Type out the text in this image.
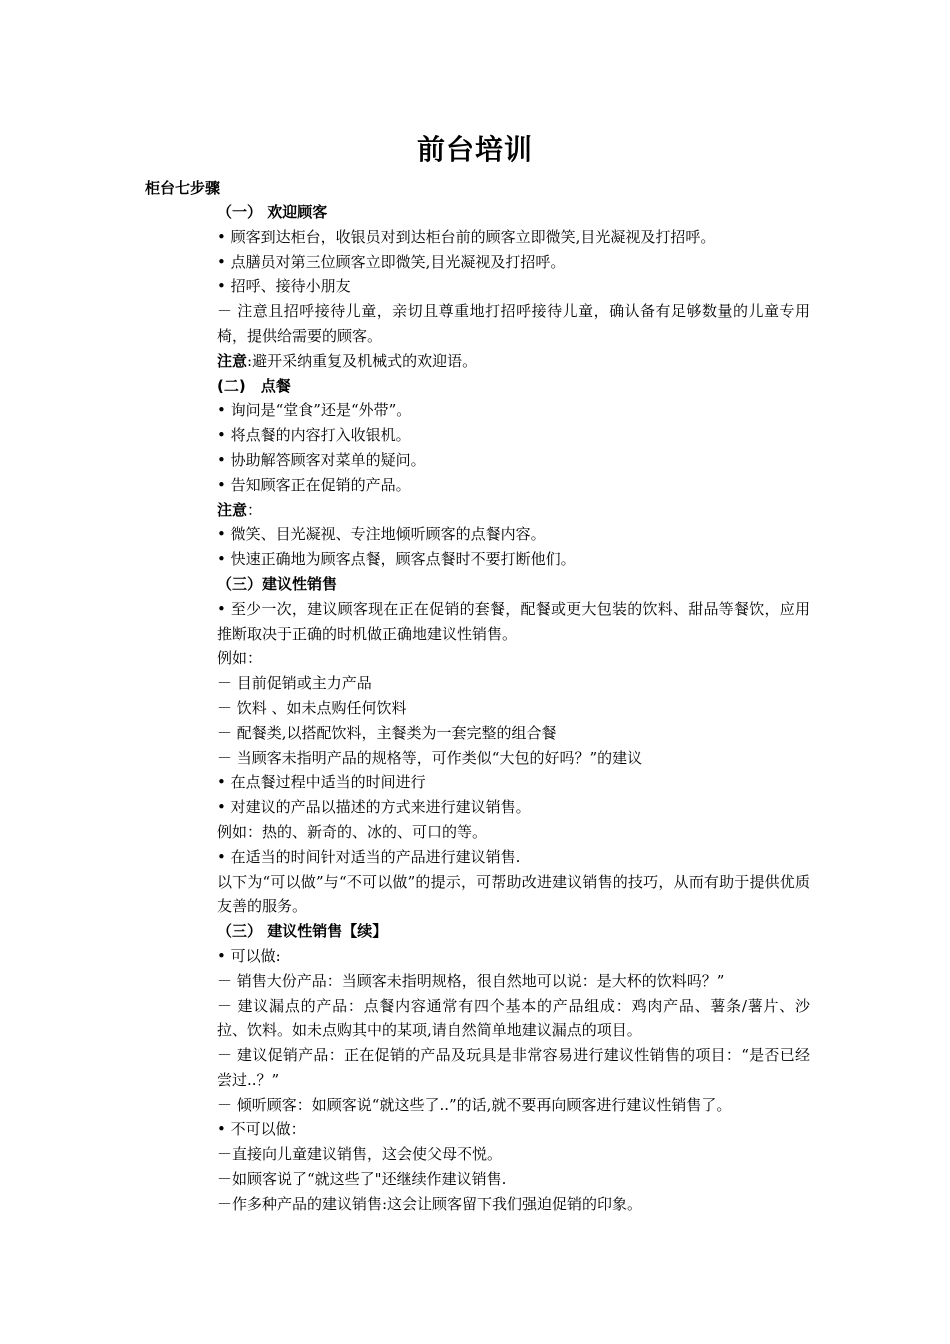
前台培训
柜台七步骤
（一） 欢迎顾客
• 顾客到达柜台，收银员对到达柜台前的顾客立即微笑,目光凝视及打招呼。
• 点膳员对第三位顾客立即微笑,目光凝视及打招呼。
• 招呼、接待小朋友
－ 注意且招呼接待儿童，亲切且尊重地打招呼接待儿童，确认备有足够数量的儿童专用椅，提供给需要的顾客。
注意:避开采纳重复及机械式的欢迎语。
(二)　点餐
• 询问是“堂食”还是“外带”。
• 将点餐的内容打入收银机。
• 协助解答顾客对菜单的疑问。
• 告知顾客正在促销的产品。
注意：
• 微笑、目光凝视、专注地倾听顾客的点餐内容。
• 快速正确地为顾客点餐，顾客点餐时不要打断他们。
（三）建议性销售
• 至少一次，建议顾客现在正在促销的套餐，配餐或更大包装的饮料、甜品等餐饮，应用推断取决于正确的时机做正确地建议性销售。
例如：
－ 目前促销或主力产品
－ 饮料 、如未点购任何饮料
－ 配餐类,以搭配饮料，主餐类为一套完整的组合餐
－ 当顾客未指明产品的规格等，可作类似“大包的好吗？”的建议
• 在点餐过程中适当的时间进行
• 对建议的产品以描述的方式来进行建议销售。
例如：热的、新奇的、冰的、可口的等。
• 在适当的时间针对适当的产品进行建议销售.
以下为“可以做”与“不可以做”的提示，可帮助改进建议销售的技巧，从而有助于提供优质友善的服务。
（三） 建议性销售【续】
• 可以做:
－ 销售大份产品：当顾客未指明规格，很自然地可以说：是大杯的饮料吗？”
－ 建议漏点的产品：点餐内容通常有四个基本的产品组成：鸡肉产品、薯条/薯片、沙拉、饮料。如未点购其中的某项,请自然简单地建议漏点的项目。
－ 建议促销产品：正在促销的产品及玩具是非常容易进行建议性销售的项目：“是否已经尝过..？”
－ 倾听顾客：如顾客说“就这些了..”的话,就不要再向顾客进行建议性销售了。
• 不可以做：
－直接向儿童建议销售，这会使父母不悦。
－如顾客说了“就这些了"还继续作建议销售.
－作多种产品的建议销售:这会让顾客留下我们强迫促销的印象。
